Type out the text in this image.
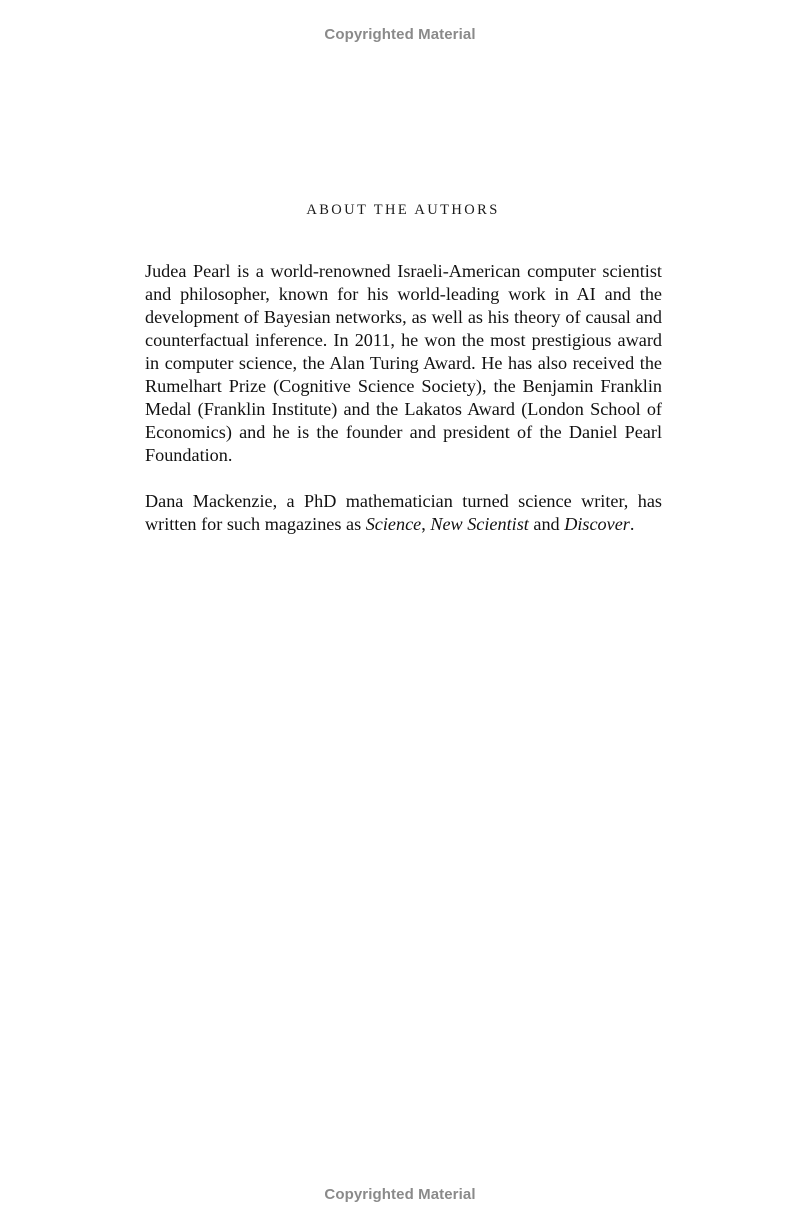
Copyrighted Material
ABOUT THE AUTHORS

Judea Pearl is a world-renowned Israeli-American computer scientist and philosopher, known for his world-leading work in AI and the development of Bayesian networks, as well as his theory of causal and counterfactual inference. In 2011, he won the most prestigious award in computer science, the Alan Turing Award. He has also received the Rumelhart Prize (Cognitive Science Society), the Benjamin Franklin Medal (Franklin Institute) and the Lakatos Award (London School of Economics) and he is the founder and president of the Daniel Pearl Foundation.

Dana Mackenzie, a PhD mathematician turned science writer, has written for such magazines as Science, New Scientist and Discover.

Copyrighted Material
